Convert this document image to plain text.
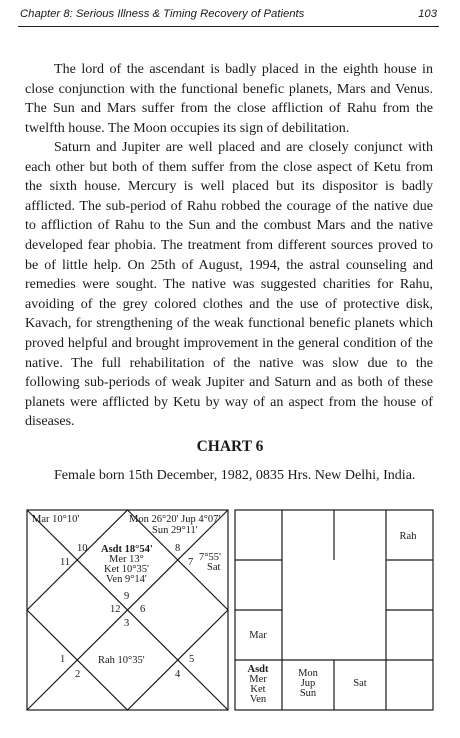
Chapter 8: Serious Illness & Timing Recovery of Patients	103

The lord of the ascendant is badly placed in the eighth house in close conjunction with the functional benefic planets, Mars and Venus. The Sun and Mars suffer from the close affliction of Rahu from the twelfth house. The Moon occupies its sign of debilitation.

Saturn and Jupiter are well placed and are closely conjunct with each other but both of them suffer from the close aspect of Ketu from the sixth house. Mercury is well placed but its dispositor is badly afflicted. The sub-period of Rahu robbed the courage of the native due to affliction of Rahu to the Sun and the combust Mars and the native developed fear phobia. The treatment from different sources proved to be of little help. On 25th of August, 1994, the astral counseling and remedies were sought. The native was suggested charities for Rahu, avoiding of the grey colored clothes and the use of protective disk, Kavach, for strengthening of the weak functional benefic planets which proved helpful and brought improvement in the general condition of the native. The full rehabilitation of the native was slow due to the following sub-periods of weak Jupiter and Saturn and as both of these planets were afflicted by Ketu by way of an aspect from the house of diseases.

CHART 6

Female born 15th December, 1982, 0835 Hrs. New Delhi, India.

Mar 10°10'	Mon 26°20' Jup 4°07'
Sun 29°11'
Asdt 18°54'
Mer 13°
Ket 10°35'
Ven 9°14'
7°55'
Sat
Rah 10°35'
10
11
8
7
9
12 6
3
1
2
5
4
Rah
Mar
Asdt
Mer
Ket
Ven
Mon
Jup
Sun
Sat
